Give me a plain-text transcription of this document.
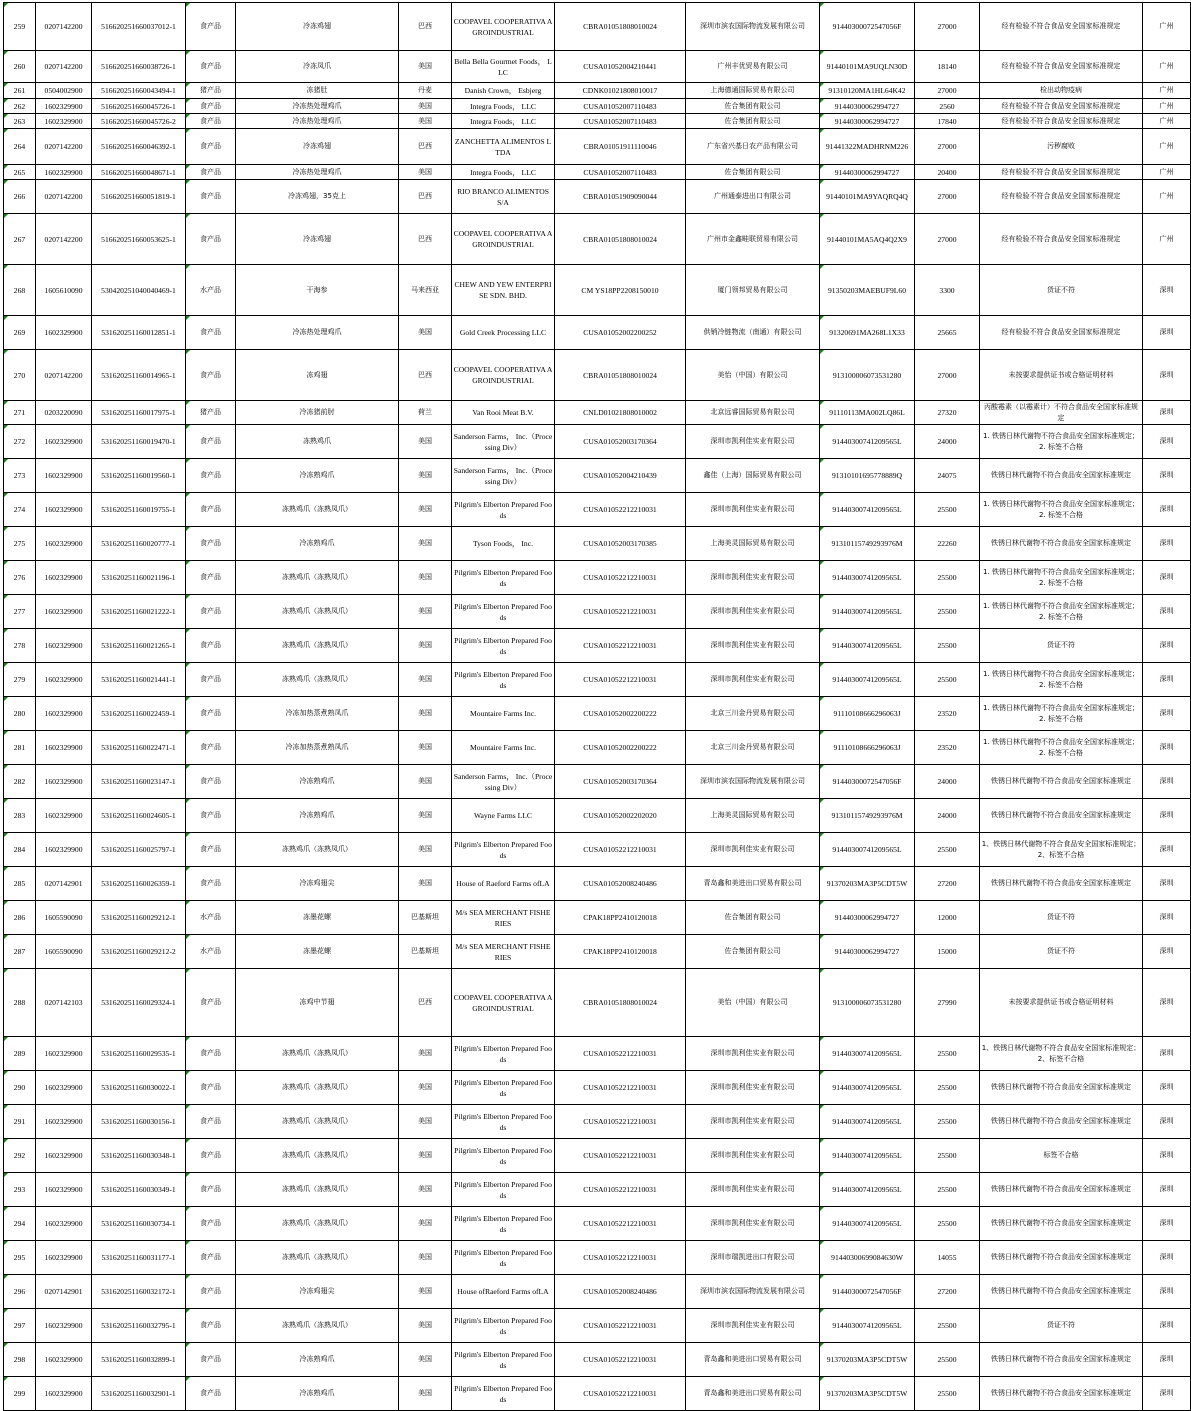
259	0207142200	516620251660037012-1	食产品	冷冻鸡翅	巴西	COOPAVEL COOPERATIVA AGROINDUSTRIAL	CBRA01051808010024	深圳市滨农国际物流发展有限公司	91440300072547056F	27000	经有检验不符合食品安全国家标准规定	广州
260	0207142200	516620251660038726-1	食产品	冷冻凤爪	美国	Bella Bella Gourmet Foods， LLC	CUSA01052004210441	广州丰优贸易有限公司	91440101MA9UQLN30D	18140	经有检验不符合食品安全国家标准规定	广州
261	0504002900	516620251660043494-1	猪产品	冻猪肚	丹麦	Danish Crown， Esbjerg	CDNK01021808010017	上海德通国际贸易有限公司	91310120MA1HL64K42	27000	检出动物疫病	广州
262	1602329900	516620251660045726-1	食产品	冷冻热处理鸡爪	美国	Integra Foods， LLC	CUSA01052007110483	佐合集团有限公司	91440300062994727	2560	经有检验不符合食品安全国家标准规定	广州
263	1602329900	516620251660045726-2	食产品	冷冻热处理鸡爪	美国	Integra Foods， LLC	CUSA01052007110483	佐合集团有限公司	91440300062994727	17840	经有检验不符合食品安全国家标准规定	广州
264	0207142200	516620251660046392-1	食产品	冷冻鸡翅	巴西	ZANCHETTA ALIMENTOS LTDA	CBRA01051911110046	广东省兴基日农产品有限公司	91441322MADHRNM226	27000	污秽腐败	广州
265	1602329900	516620251660048671-1	食产品	冷冻热处理鸡爪	美国	Integra Foods， LLC	CUSA01052007110483	佐合集团有限公司	91440300062994727	20400	经有检验不符合食品安全国家标准规定	广州
266	0207142200	516620251660051819-1	食产品	冷冻鸡翅，35克上	巴西	RIO BRANCO ALIMENTOS S/A	CBRA01051909090044	广州通泰进出口有限公司	91440101MA9YAQRQ4Q	27000	经有检验不符合食品安全国家标准规定	广州
267	0207142200	516620251660053625-1	食产品	冷冻鸡翅	巴西	COOPAVEL COOPERATIVA AGROINDUSTRIAL	CBRA01051808010024	广州市金鑫畦联贸易有限公司	91440101MA5AQ4Q2X9	27000	经有检验不符合食品安全国家标准规定	广州
268	1605610090	530420251040040469-1	水产品	干海参	马来西亚	CHEW AND YEW ENTERPRISE SDN. BHD.	CM YS18PP2208150010	厦门领邦贸易有限公司	91350203MAEBUF9L60	3300	货证不符	深圳
269	1602329900	531620251160012851-1	食产品	冷冻热处理鸡爪	美国	Gold Creek Processing LLC	CUSA01052002200252	供销冷链物流（南通）有限公司	91320691MA268L1X33	25665	经有检验不符合食品安全国家标准规定	深圳
270	0207142200	531620251160014965-1	食产品	冻鸡翅	巴西	COOPAVEL COOPERATIVA AGROINDUSTRIAL	CBRA01051808010024	美怡（中国）有限公司	913100006073531280	27000	未按要求提供证书或合格证明材料	深圳
271	0203220090	531620251160017975-1	猪产品	冷冻猪前肘	荷兰	Van Rooi Meat B.V.	CNLD01021808010002	北京远睿国际贸易有限公司	91110113MA002LQ86L	27320	丙酸霉素（以霉素计）不符合食品安全国家标准规定	深圳
272	1602329900	531620251160019470-1	食产品	冻熟鸡爪	美国	Sanderson Farms， Inc.（Processing Div）	CUSA01052003170364	深圳市凯利佳实业有限公司	9144030074120956​5L	24000	1. 铁锈日林代谢物不符合食品安全国家标准规定；2. 标签不合格	深圳
273	1602329900	531620251160019560-1	食产品	冷冻熟鸡爪	美国	Sanderson Farms， Inc.（Processing Div）	CUSA01052004210439	鑫佳（上海）国际贸易有限公司	91310101695778889Q	24075	铁锈日林代谢物不符合食品安全国家标准规定	深圳
274	1602329900	531620251160019755-1	食产品	冻熟鸡爪（冻熟凤爪）	美国	Pilgrim's Elberton Prepared Foods	CUSA01052212210031	深圳市凯利佳实业有限公司	9144030074120956​5L	25500	1. 铁锈日林代谢物不符合食品安全国家标准规定；2. 标签不合格	深圳
275	1602329900	531620251160020777-1	食产品	冷冻熟鸡爪	美国	Tyson Foods， Inc.	CUSA01052003170385	上海美灵国际贸易有限公司	91310115749293976M	22260	铁锈日林代谢物不符合食品安全国家标准规定	深圳
276	1602329900	531620251160021196-1	食产品	冻熟鸡爪（冻熟凤爪）	美国	Pilgrim's Elberton Prepared Foods	CUSA01052212210031	深圳市凯利佳实业有限公司	9144030074120956​5L	25500	1. 铁锈日林代谢物不符合食品安全国家标准规定；2. 标签不合格	深圳
277	1602329900	531620251160021222-1	食产品	冻熟鸡爪（冻熟凤爪）	美国	Pilgrim's Elberton Prepared Foods	CUSA01052212210031	深圳市凯利佳实业有限公司	9144030074120956​5L	25500	1. 铁锈日林代谢物不符合食品安全国家标准规定；2. 标签不合格	深圳
278	1602329900	531620251160021265-1	食产品	冻熟鸡爪（冻熟凤爪）	美国	Pilgrim's Elberton Prepared Foods	CUSA01052212210031	深圳市凯利佳实业有限公司	9144030074120956​5L	25500	货证不符	深圳
279	1602329900	531620251160021441-1	食产品	冻熟鸡爪（冻熟凤爪）	美国	Pilgrim's Elberton Prepared Foods	CUSA01052212210031	深圳市凯利佳实业有限公司	9144030074120956​5L	25500	1. 铁锈日林代谢物不符合食品安全国家标准规定；2. 标签不合格	深圳
280	1602329900	531620251160022459-1	食产品	冷冻加热蒸煮熟凤爪	美国	Mountaire Farms Inc.	CUSA01052002200222	北京三川金丹贸易有限公司	91110108666296063J	23520	1. 铁锈日林代谢物不符合食品安全国家标准规定；2. 标签不合格	深圳
281	1602329900	531620251160022471-1	食产品	冷冻加热蒸煮熟凤爪	美国	Mountaire Farms Inc.	CUSA01052002200222	北京三川金丹贸易有限公司	91110108666296063J	23520	1. 铁锈日林代谢物不符合食品安全国家标准规定；2. 标签不合格	深圳
282	1602329900	531620251160023147-1	食产品	冷冻熟鸡爪	美国	Sanderson Farms， Inc.（Processing Div）	CUSA01052003170364	深圳市滨农国际物流发展有限公司	91440300072547056F	24000	铁锈日林代谢物不符合食品安全国家标准规定	深圳
283	1602329900	531620251160024605-1	食产品	冷冻熟鸡爪	美国	Wayne Farms LLC	CUSA01052002202020	上海美灵国际贸易有限公司	91310115749293976M	24000	铁锈日林代谢物不符合食品安全国家标准规定	深圳
284	1602329900	531620251160025797-1	食产品	冻熟鸡爪（冻熟凤爪）	美国	Pilgrim's Elberton Prepared Foods	CUSA01052212210031	深圳市凯利佳实业有限公司	9144030074120956​5L	25500	1、铁锈日林代谢物不符合食品安全国家标准规定；2、标签不合格	深圳
285	0207142901	531620251160026359-1	食产品	冷冻鸡翅尖	美国	House of Raeford Farms ofLA	CUSA01052008240486	青岛鑫和美进出口贸易有限公司	91370203MA3P5CDT5W	27200	铁锈日林代谢物不符合食品安全国家标准规定	深圳
286	1605590090	531620251160029212-1	水产品	冻墨花螺	巴基斯坦	M/s SEA MERCHANT FISHERIES	CPAK18PP2410120018	佐合集团有限公司	91440300062994727	12000	货证不符	深圳
287	1605590090	531620251160029212-2	水产品	冻墨花螺	巴基斯坦	M/s SEA MERCHANT FISHERIES	CPAK18PP2410120018	佐合集团有限公司	91440300062994727	15000	货证不符	深圳
288	0207142103	531620251160029324-1	食产品	冻鸡中节翅	巴西	COOPAVEL COOPERATIVA AGROINDUSTRIAL	CBRA01051808010024	美怡（中国）有限公司	913100006073531280	27990	未按要求提供证书或合格证明材料	深圳
289	1602329900	531620251160029535-1	食产品	冻熟鸡爪（冻熟凤爪）	美国	Pilgrim's Elberton Prepared Foods	CUSA01052212210031	深圳市凯利佳实业有限公司	9144030074120956​5L	25500	1、铁锈日林代谢物不符合食品安全国家标准规定；2、标签不合格	深圳
290	1602329900	531620251160030022-1	食产品	冻熟鸡爪（冻熟凤爪）	美国	Pilgrim's Elberton Prepared Foods	CUSA01052212210031	深圳市凯利佳实业有限公司	9144030074120956​5L	25500	铁锈日林代谢物不符合食品安全国家标准规定	深圳
291	1602329900	531620251160030156-1	食产品	冻熟鸡爪（冻熟凤爪）	美国	Pilgrim's Elberton Prepared Foods	CUSA01052212210031	深圳市凯利佳实业有限公司	9144030074120956​5L	25500	铁锈日林代谢物不符合食品安全国家标准规定	深圳
292	1602329900	531620251160030348-1	食产品	冻熟鸡爪（冻熟凤爪）	美国	Pilgrim's Elberton Prepared Foods	CUSA01052212210031	深圳市凯利佳实业有限公司	9144030074120956​5L	25500	标签不合格	深圳
293	1602329900	531620251160030349-1	食产品	冻熟鸡爪（冻熟凤爪）	美国	Pilgrim's Elberton Prepared Foods	CUSA01052212210031	深圳市凯利佳实业有限公司	9144030074120956​5L	25500	铁锈日林代谢物不符合食品安全国家标准规定	深圳
294	1602329900	531620251160030734-1	食产品	冻熟鸡爪（冻熟凤爪）	美国	Pilgrim's Elberton Prepared Foods	CUSA01052212210031	深圳市凯利佳实业有限公司	9144030074120956​5L	25500	铁锈日林代谢物不符合食品安全国家标准规定	深圳
295	1602329900	531620251160031177-1	食产品	冻熟鸡爪（冻熟凤爪）	美国	Pilgrim's Elberton Prepared Foods	CUSA01052212210031	深圳市瑞凯进出口有限公司	914403006990846​30W	14055	铁锈日林代谢物不符合食品安全国家标准规定	深圳
296	0207142901	531620251160032172-1	食产品	冷冻鸡翅尖	美国	House ofRaeford Farms ofLA	CUSA01052008240486	深圳市滨农国际物流发展有限公司	91440300072547056F	27200	铁锈日林代谢物不符合食品安全国家标准规定	深圳
297	1602329900	531620251160032795-1	食产品	冻熟鸡爪（冻熟凤爪）	美国	Pilgrim's Elberton Prepared Foods	CUSA01052212210031	深圳市凯利佳实业有限公司	9144030074120956​5L	25500	货证不符	深圳
298	1602329900	531620251160032899-1	食产品	冷冻熟鸡爪	美国	Pilgrim's Elberton Prepared Foods	CUSA01052212210031	青岛鑫和美进出口贸易有限公司	91370203MA3P5CDT5W	25500	铁锈日林代谢物不符合食品安全国家标准规定	深圳
299	1602329900	531620251160032901-1	食产品	冷冻熟鸡爪	美国	Pilgrim's Elberton Prepared Foods	CUSA01052212210031	青岛鑫和美进出口贸易有限公司	91370203MA3P5CDT5W	25500	铁锈日林代谢物不符合食品安全国家标准规定	深圳
